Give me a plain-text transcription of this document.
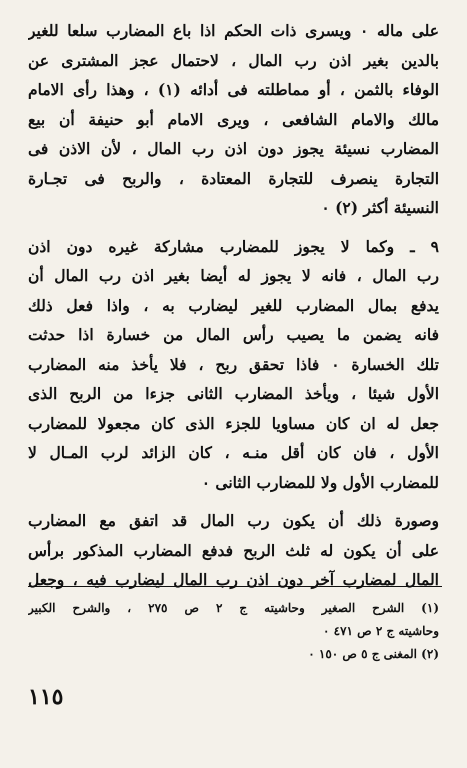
على ماله ٠ ويسرى ذات الحكم اذا باع المضارب سلعا للغير
بالدين بغير اذن رب المال ، لاحتمال عجز المشترى عن
الوفاء بالثمن ، أو مماطلته فى أدائه (١) ، وهذا رأى الامام
مالك والامام الشافعى ، ويرى الامام أبو حنيفة أن بيع
المضارب نسيئة يجوز دون اذن رب المال ، لأن الاذن فى
التجارة ينصرف للتجارة المعتادة ، والربح فى تجـارة
النسيئة أكثر (٢) ٠
٩ ـ وكما لا يجوز للمضارب مشاركة غيره دون اذن
رب المال ، فانه لا يجوز له أيضا بغير اذن رب المال أن
يدفع بمال المضارب للغير ليضارب به ، واذا فعل ذلك
فانه يضمن ما يصيب رأس المال من خسارة اذا حدثت
تلك الخسارة ٠ فاذا تحقق ربح ، فلا يأخذ منه المضارب
الأول شيئا ، ويأخذ المضارب الثانى جزءا من الربح الذى
جعل له ان كان مساويا للجزء الذى كان مجعولا للمضارب
الأول ، فان كان أقل منـه ، كان الزائد لرب المـال لا
للمضارب الأول ولا للمضارب الثانى ٠
وصورة ذلك أن يكون رب المال قد اتفق مع المضارب
على أن يكون له ثلث الربح فدفع المضارب المذكور برأس
المال لمضارب آخر دون اذن رب المال ليضارب فيه ، وجعل
(١) الشرح الصغير وحاشيته ج ٢ ص ٢٧٥ ، والشرح الكبير
وحاشيته ج ٢ ص ٤٧١ ٠
(٢) المغنى ج ٥ ص ١٥٠ ٠
١١٥
